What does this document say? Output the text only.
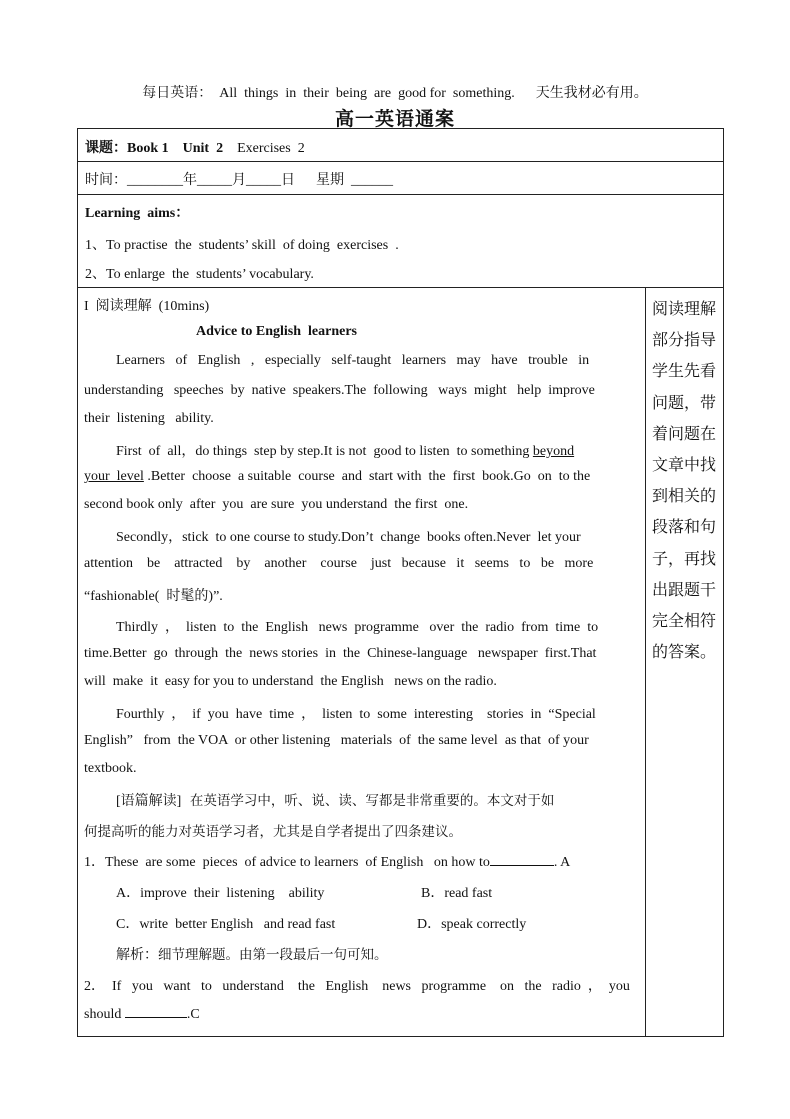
每日英语：  All  things  in  their  being  are  good for  something.      天生我材必有用。
高一英语通案
课题：Book 1    Unit  2 Exercises  2
时间：________年_____月_____日      星期  ______
Learning  aims：
1、To practise  the  students’ skill  of doing  exercises  .
2、To enlarge  the  students’ vocabulary.
I  阅读理解  (10mins)
Advice to English  learners
Learners   of   English   ,   especially   self-taught   learners   may   have   trouble   in
understanding   speeches  by  native  speakers.The  following   ways  might   help  improve
their  listening   ability.
First  of  all，do things  step by step.It is not  good to listen  to something beyond
your  level .Better  choose  a suitable  course  and  start with  the  first  book.Go  on  to the
second book only  after  you  are sure  you understand  the first  one.
Secondly，stick  to one course to study.Don’t  change  books often.Never  let your
attention    be    attracted    by    another    course    just   because   it   seems   to   be   more
“fashionable(  时髦的)”.
Thirdly  ，  listen  to  the  English   news  programme   over  the  radio  from  time  to
time.Better  go  through  the  news stories  in  the  Chinese-language   newspaper  first.That
will  make  it  easy for you to understand  the English   news on the radio.
Fourthly  ，  if  you  have  time  ，  listen  to  some  interesting    stories  in  “Special
English”   from  the VOA  or other listening   materials  of  the same level  as that  of your
textbook.
[语篇解读]  在英语学习中，听、说、读、写都是非常重要的。本文对于如
何提高听的能力对英语学习者，尤其是自学者提出了四条建议。
1．These  are some  pieces  of advice to learners  of English   on how to	. A
A．improve  their  listening    ability	B．read fast
C．write  better English   and read fast	D．speak correctly
解析：细节理解题。由第一段最后一句可知。
2．  If   you   want   to   understand    the   English    news   programme    on   the   radio  ，  you
should	.C
阅读理解部分指导学生先看问题，带着问题在文章中找到相关的段落和句子，再找出跟题干完全相符的答案。
